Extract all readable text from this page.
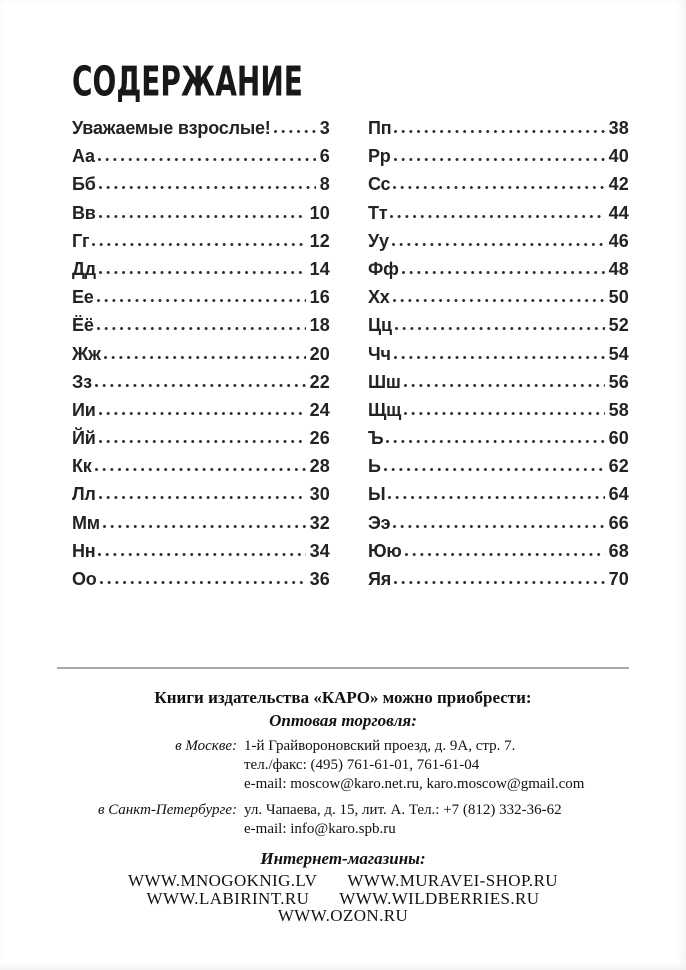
СОДЕРЖАНИЕ
Уважаемые взрослые!	3
Аа	6
Бб	8
Вв	10
Гг	12
Дд	14
Ее	16
Ёё	18
Жж	20
Зз	22
Ии	24
Йй	26
Кк	28
Лл	30
Мм	32
Нн	34
Оо	36
Пп	38
Рр	40
Сс	42
Тт	44
Уу	46
Фф	48
Хх	50
Цц	52
Чч	54
Шш	56
Щщ	58
Ъ	60
Ь	62
Ы	64
Ээ	66
Юю	68
Яя	70
Книги издательства «КАРО» можно приобрести:
Оптовая торговля:
в Москве: 1-й Грайвороновский проезд, д. 9А, стр. 7.
тел./факс: (495) 761-61-01, 761-61-04
e-mail: moscow@karo.net.ru, karo.moscow@gmail.com
в Санкт-Петербурге: ул. Чапаева, д. 15, лит. А. Тел.: +7 (812) 332-36-62
e-mail: info@karo.spb.ru
Интернет-магазины:
WWW.MNOGOKNIG.LV WWW.MURAVEI-SHOP.RU
WWW.LABIRINT.RU WWW.WILDBERRIES.RU
WWW.OZON.RU
